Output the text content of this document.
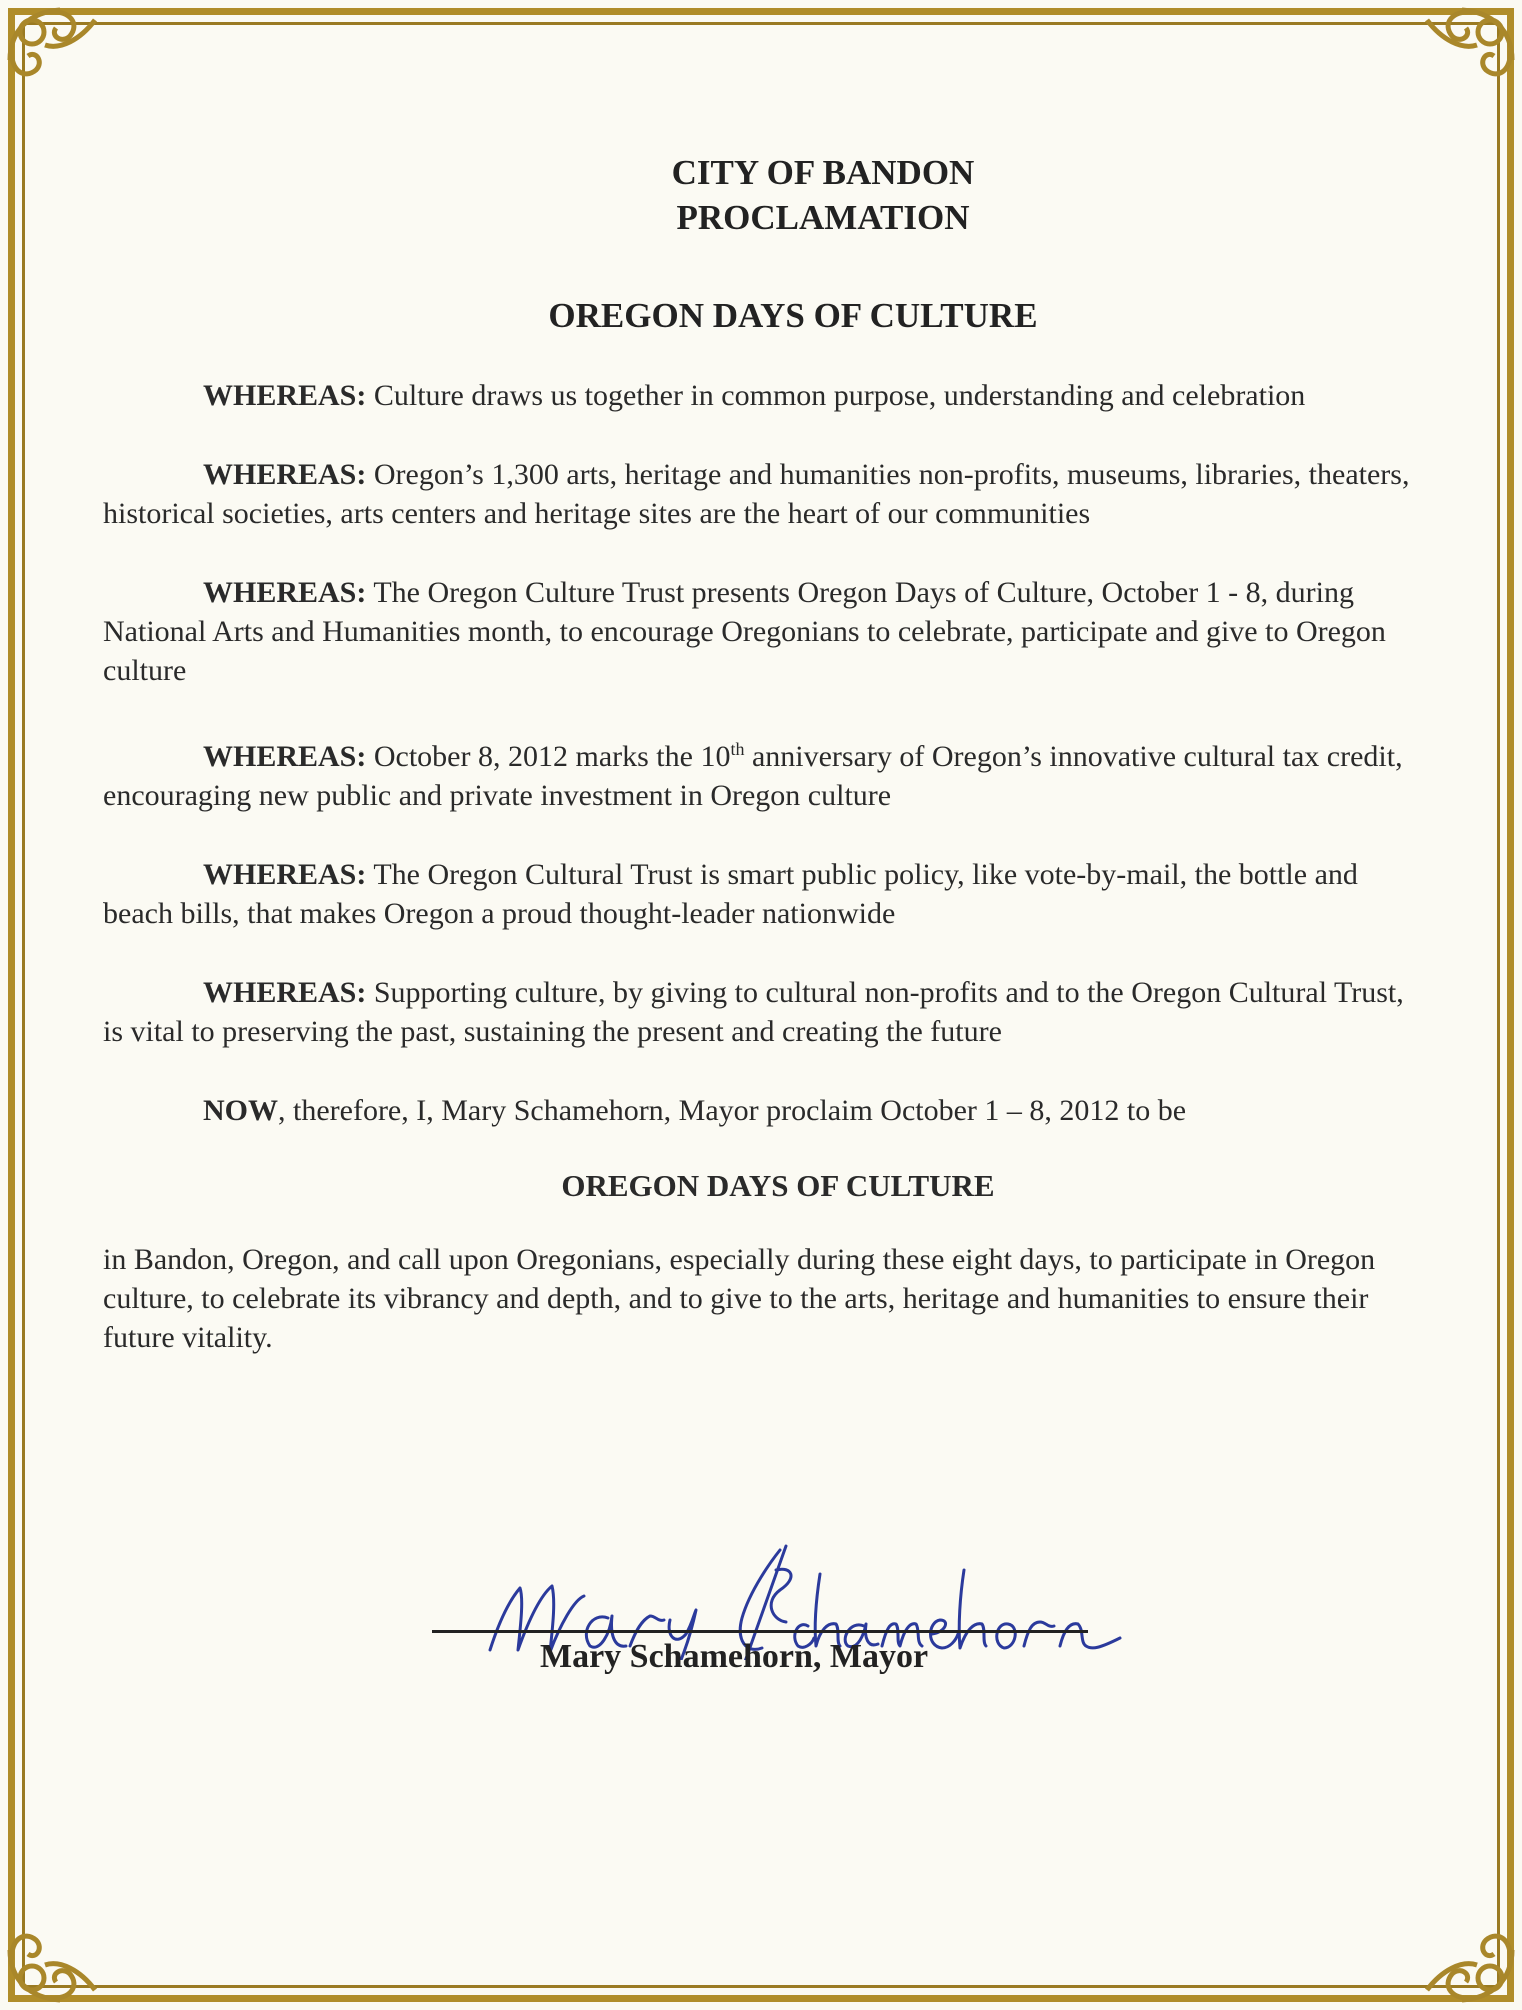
CITY OF BANDON

PROCLAMATION

OREGON DAYS OF CULTURE

WHEREAS: Culture draws us together in common purpose, understanding and celebration

WHEREAS: Oregon’s 1,300 arts, heritage and humanities non-profits, museums, libraries, theaters, historical societies, arts centers and heritage sites are the heart of our communities

WHEREAS: The Oregon Culture Trust presents Oregon Days of Culture, October 1 - 8, during National Arts and Humanities month, to encourage Oregonians to celebrate, participate and give to Oregon culture

WHEREAS: October 8, 2012 marks the 10th anniversary of Oregon’s innovative cultural tax credit, encouraging new public and private investment in Oregon culture

WHEREAS: The Oregon Cultural Trust is smart public policy, like vote-by-mail, the bottle and beach bills, that makes Oregon a proud thought-leader nationwide

WHEREAS: Supporting culture, by giving to cultural non-profits and to the Oregon Cultural Trust, is vital to preserving the past, sustaining the present and creating the future

NOW, therefore, I, Mary Schamehorn, Mayor proclaim October 1 – 8, 2012 to be

OREGON DAYS OF CULTURE

in Bandon, Oregon, and call upon Oregonians, especially during these eight days, to participate in Oregon culture, to celebrate its vibrancy and depth, and to give to the arts, heritage and humanities to ensure their future vitality.

Mary Schamehorn, Mayor
